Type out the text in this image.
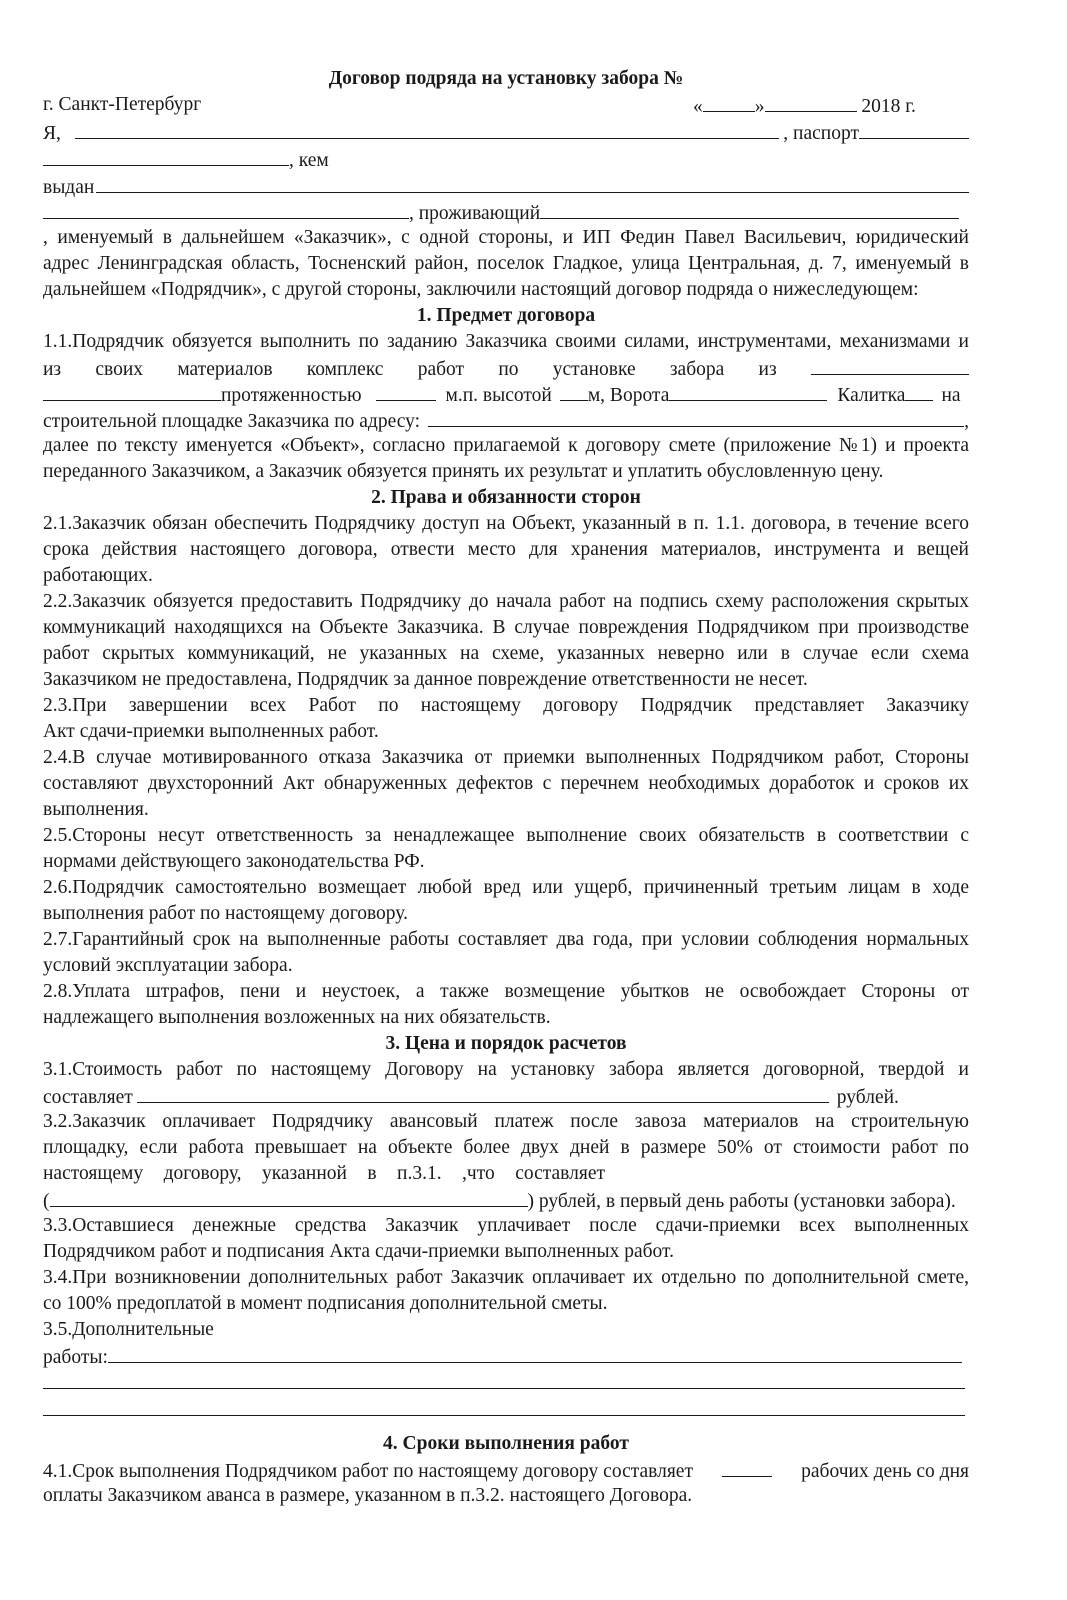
Договор подряда на установку забора №
г. Санкт-Петербург	«	»	2018 г.
Я,	, паспорт
, кем
выдан
, проживающий
, именуемый в дальнейшем «Заказчик», с одной стороны, и ИП Федин Павел Васильевич, юридический
адрес Ленинградская область, Тосненский район, поселок Гладкое, улица Центральная, д. 7, именуемый в
дальнейшем «Подрядчик», с другой стороны, заключили настоящий договор подряда о нижеследующем:
1. Предмет договора
1.1.Подрядчик обязуется выполнить по заданию Заказчика своими силами, инструментами, механизмами и
из своих материалов комплекс работ по установке забора из
протяженностью	м.п. высотой м, Ворота	Калитка на
строительной площадке Заказчика по адресу:	,
далее по тексту именуется «Объект», согласно прилагаемой к договору смете (приложение №1) и проекта
переданного Заказчиком, а Заказчик обязуется принять их результат и уплатить обусловленную цену.
2. Права и обязанности сторон
2.1.Заказчик обязан обеспечить Подрядчику доступ на Объект, указанный в п. 1.1. договора, в течение всего
срока действия настоящего договора, отвести место для хранения материалов, инструмента и вещей
работающих.
2.2.Заказчик обязуется предоставить Подрядчику до начала работ на подпись схему расположения скрытых
коммуникаций находящихся на Объекте Заказчика. В случае повреждения Подрядчиком при производстве
работ скрытых коммуникаций, не указанных на схеме, указанных неверно или в случае если схема
Заказчиком не предоставлена, Подрядчик за данное повреждение ответственности не несет.
2.3.При завершении всех Работ по настоящему договору Подрядчик представляет Заказчику
Акт сдачи-приемки выполненных работ.
2.4.В случае мотивированного отказа Заказчика от приемки выполненных Подрядчиком работ, Стороны
составляют двухсторонний Акт обнаруженных дефектов с перечнем необходимых доработок и сроков их
выполнения.
2.5.Стороны несут ответственность за ненадлежащее выполнение своих обязательств в соответствии с
нормами действующего законодательства РФ.
2.6.Подрядчик самостоятельно возмещает любой вред или ущерб, причиненный третьим лицам в ходе
выполнения работ по настоящему договору.
2.7.Гарантийный срок на выполненные работы составляет два года, при условии соблюдения нормальных
условий эксплуатации забора.
2.8.Уплата штрафов, пени и неустоек, а также возмещение убытков не освобождает Стороны от
надлежащего выполнения возложенных на них обязательств.
3. Цена и порядок расчетов
3.1.Стоимость работ по настоящему Договору на установку забора является договорной, твердой и
составляет	рублей.
3.2.Заказчик оплачивает Подрядчику авансовый платеж после завоза материалов на строительную
площадку, если работа превышает на объекте более двух дней в размере 50% от стоимости работ по
настоящему договору, указанной в п.3.1. ,что составляет
(	) рублей, в первый день работы (установки забора).
3.3.Оставшиеся денежные средства Заказчик уплачивает после сдачи-приемки всех выполненных
Подрядчиком работ и подписания Акта сдачи-приемки выполненных работ.
3.4.При возникновении дополнительных работ Заказчик оплачивает их отдельно по дополнительной смете,
со 100% предоплатой в момент подписания дополнительной сметы.
3.5.Дополнительные
работы:
4. Сроки выполнения работ
4.1.Срок выполнения Подрядчиком работ по настоящему договору составляет	рабочих день со дня
оплаты Заказчиком аванса в размере, указанном в п.3.2. настоящего Договора.
